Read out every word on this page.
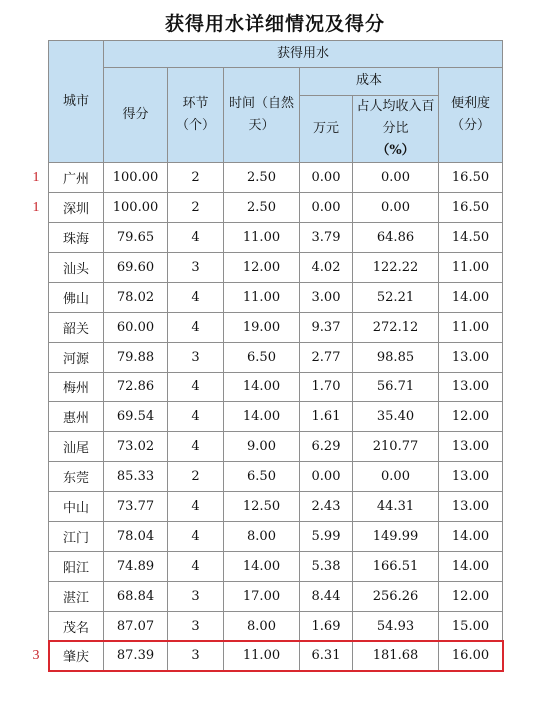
获得用水详细情况及得分
城市	获得用水					
	得分	环节（个）	时间（自然天）	成本		便利度（分）
				万元	占人均收入百分比
（%）	
广州	100.00	2	2.50	0.00	0.00	16.50
深圳	100.00	2	2.50	0.00	0.00	16.50
珠海	79.65	4	11.00	3.79	64.86	14.50
汕头	69.60	3	12.00	4.02	122.22	11.00
佛山	78.02	4	11.00	3.00	52.21	14.00
韶关	60.00	4	19.00	9.37	272.12	11.00
河源	79.88	3	6.50	2.77	98.85	13.00
梅州	72.86	4	14.00	1.70	56.71	13.00
惠州	69.54	4	14.00	1.61	35.40	12.00
汕尾	73.02	4	9.00	6.29	210.77	13.00
东莞	85.33	2	6.50	0.00	0.00	13.00
中山	73.77	4	12.50	2.43	44.31	13.00
江门	78.04	4	8.00	5.99	149.99	14.00
阳江	74.89	4	14.00	5.38	166.51	14.00
湛江	68.84	3	17.00	8.44	256.26	12.00
茂名	87.07	3	8.00	1.69	54.93	15.00
肇庆	87.39	3	11.00	6.31	181.68	16.00
1
1
3
